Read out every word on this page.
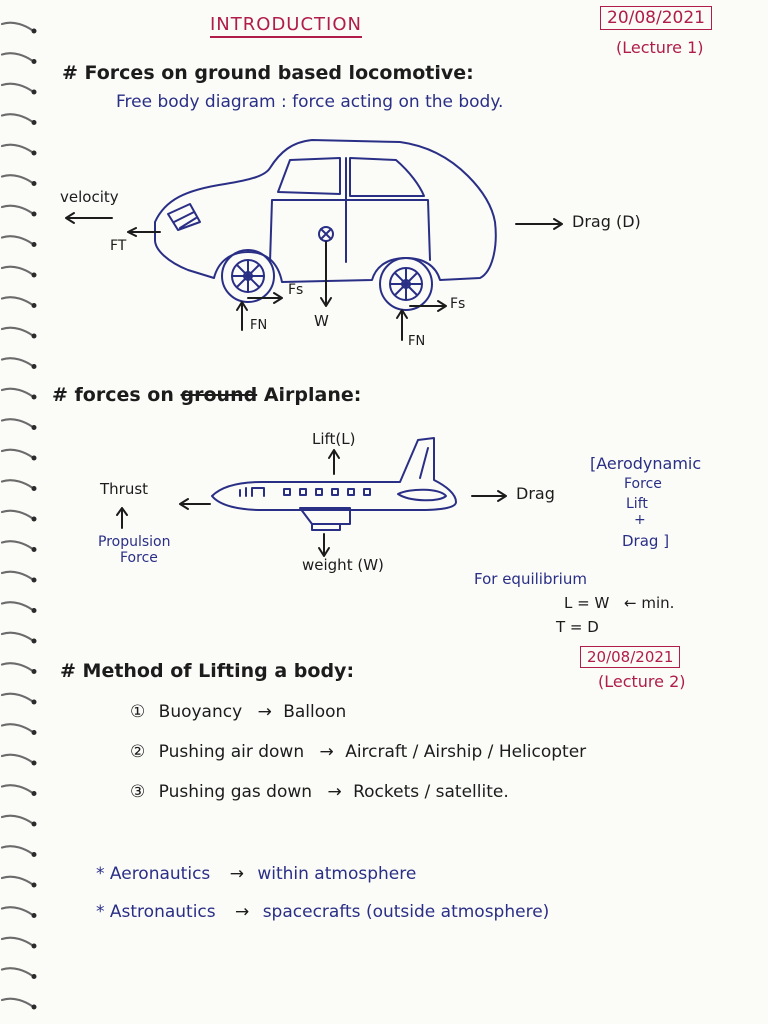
INTRODUCTION	20/08/2021
(Lecture 1)
# Forces on ground based locomotive:
Free body diagram : force acting on the body.
velocity
FT
Drag (D)
FN
Fs
W
Fs
FN
# forces on ground Airplane:
Lift(L)
Thrust
Propulsion
Force	weight (W)
Drag
[Aerodynamic
Force
Lift
+
Drag ]
For equilibrium
L = W ← min.
T = D
20/08/2021
(Lecture 2)
# Method of Lifting a body:
① Buoyancy → Balloon
② Pushing air down → Aircraft / Airship / Helicopter
③ Pushing gas down → Rockets / satellite.
* Aeronautics → within atmosphere
* Astronautics → spacecrafts (outside atmosphere)
